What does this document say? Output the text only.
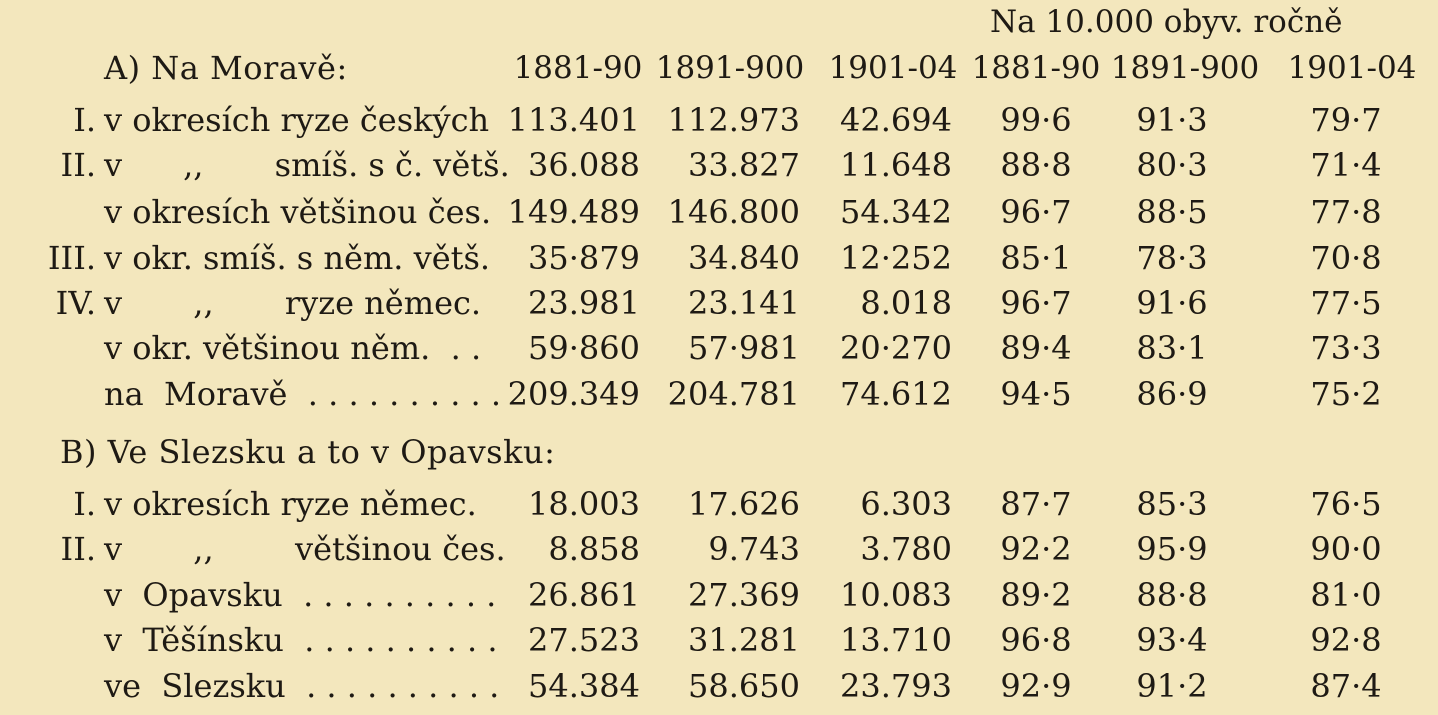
Na 10.000 obyv. ročně
A) Na Moravě:
B) Ve Slezsku a to v Opavsku:
1881-90 1891-900 1901-04 1881-90 1891-900 1901-04
I. v okresích ryze českých 113.401 112.973	42.694	99·6	91·3	79·7
II. v      ,,       smíš. s č. větš. 36.088	33.827	11.648	88·8	80·3	71·4
v okresích většinou čes. 149.489 146.800	54.342	96·7	88·5	77·8
III. v okr. smíš. s něm. větš.	35·879	34.840	12·252	85·1	78·3	70·8
IV. v       ,,       ryze němec.	23.981	23.141	8.018	96·7	91·6	77·5
v okr. většinou něm.  . .	59·860	57·981	20·270	89·4	83·1	73·3
na  Moravě  . . . . . . . . . . 209.349 204.781	74.612	94·5	86·9	75·2
I. v okresích ryze němec.	18.003	17.626	6.303	87·7	85·3	76·5
II. v       ,,        většinou čes.	8.858	9.743	3.780	92·2	95·9	90·0
v  Opavsku  . . . . . . . . . . 26.861	27.369	10.083	89·2	88·8	81·0
v  Těšínsku  . . . . . . . . . . 27.523	31.281	13.710	96·8	93·4	92·8
ve  Slezsku  . . . . . . . . . . 54.384	58.650	23.793	92·9	91·2	87·4
